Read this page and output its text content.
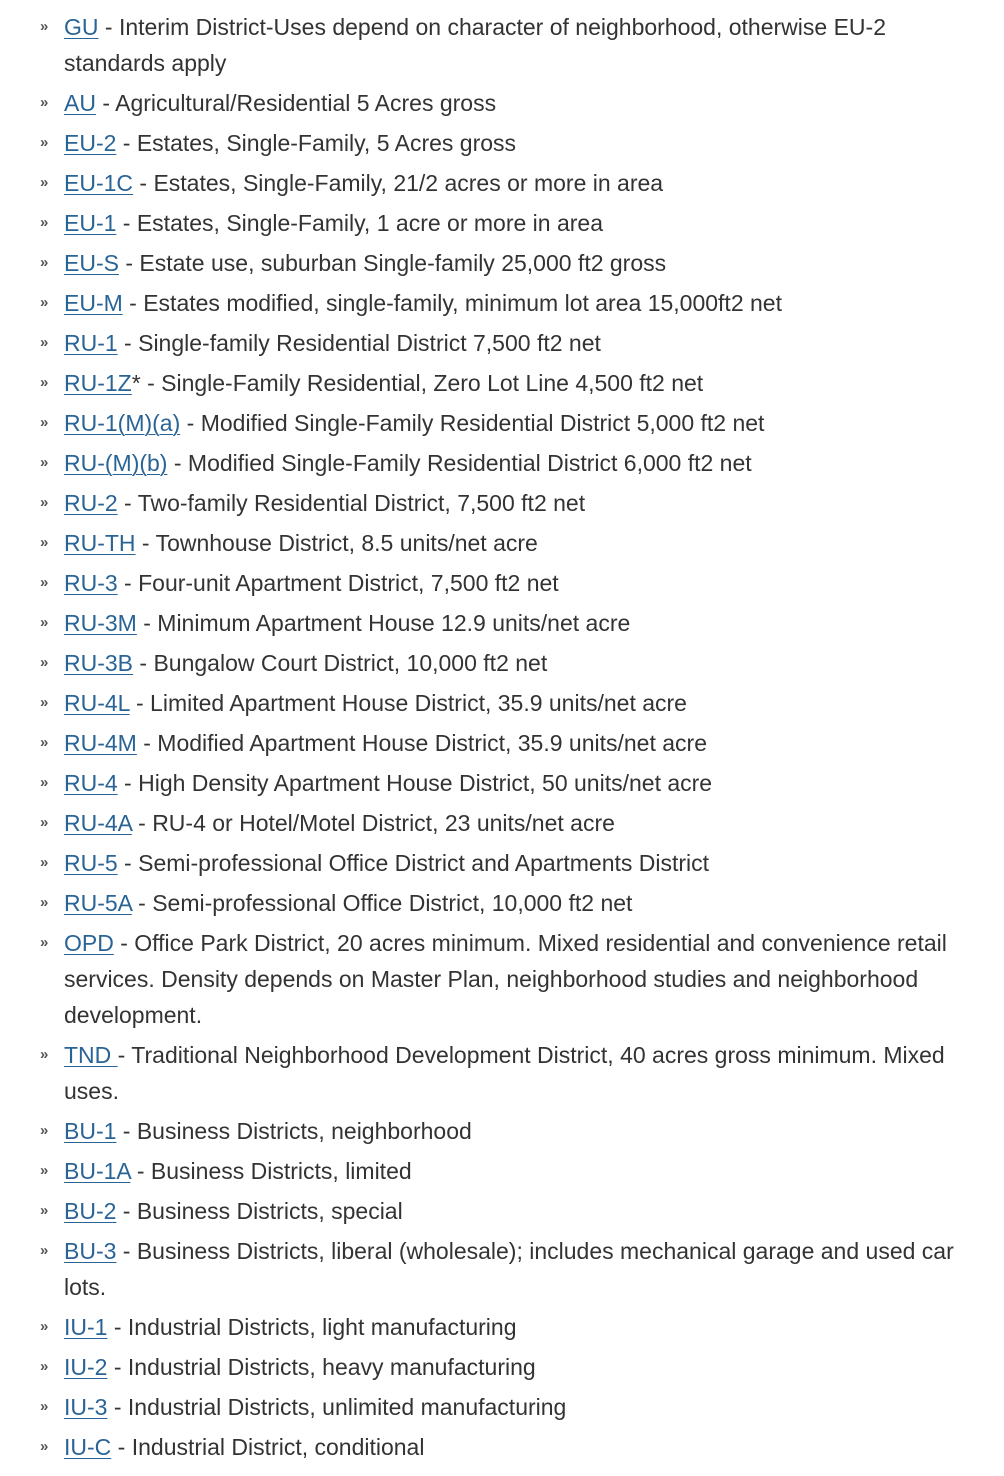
» GU - Interim District-Uses depend on character of neighborhood, otherwise EU-2 standards apply
» AU - Agricultural/Residential 5 Acres gross
» EU-2 - Estates, Single-Family, 5 Acres gross
» EU-1C - Estates, Single-Family, 21/2 acres or more in area
» EU-1 - Estates, Single-Family, 1 acre or more in area
» EU-S - Estate use, suburban Single-family 25,000 ft2 gross
» EU-M - Estates modified, single-family, minimum lot area 15,000ft2 net
» RU-1 - Single-family Residential District 7,500 ft2 net
» RU-1Z* - Single-Family Residential, Zero Lot Line 4,500 ft2 net
» RU-1(M)(a) - Modified Single-Family Residential District 5,000 ft2 net
» RU-(M)(b) - Modified Single-Family Residential District 6,000 ft2 net
» RU-2 - Two-family Residential District, 7,500 ft2 net
» RU-TH - Townhouse District, 8.5 units/net acre
» RU-3 - Four-unit Apartment District, 7,500 ft2 net
» RU-3M - Minimum Apartment House 12.9 units/net acre
» RU-3B - Bungalow Court District, 10,000 ft2 net
» RU-4L - Limited Apartment House District, 35.9 units/net acre
» RU-4M - Modified Apartment House District, 35.9 units/net acre
» RU-4 - High Density Apartment House District, 50 units/net acre
» RU-4A - RU-4 or Hotel/Motel District, 23 units/net acre
» RU-5 - Semi-professional Office District and Apartments District
» RU-5A - Semi-professional Office District, 10,000 ft2 net
» OPD - Office Park District, 20 acres minimum. Mixed residential and convenience retail services. Density depends on Master Plan, neighborhood studies and neighborhood development.
» TND - Traditional Neighborhood Development District, 40 acres gross minimum. Mixed uses.
» BU-1 - Business Districts, neighborhood
» BU-1A - Business Districts, limited
» BU-2 - Business Districts, special
» BU-3 - Business Districts, liberal (wholesale); includes mechanical garage and used car lots.
» IU-1 - Industrial Districts, light manufacturing
» IU-2 - Industrial Districts, heavy manufacturing
» IU-3 - Industrial Districts, unlimited manufacturing
» IU-C - Industrial District, conditional
